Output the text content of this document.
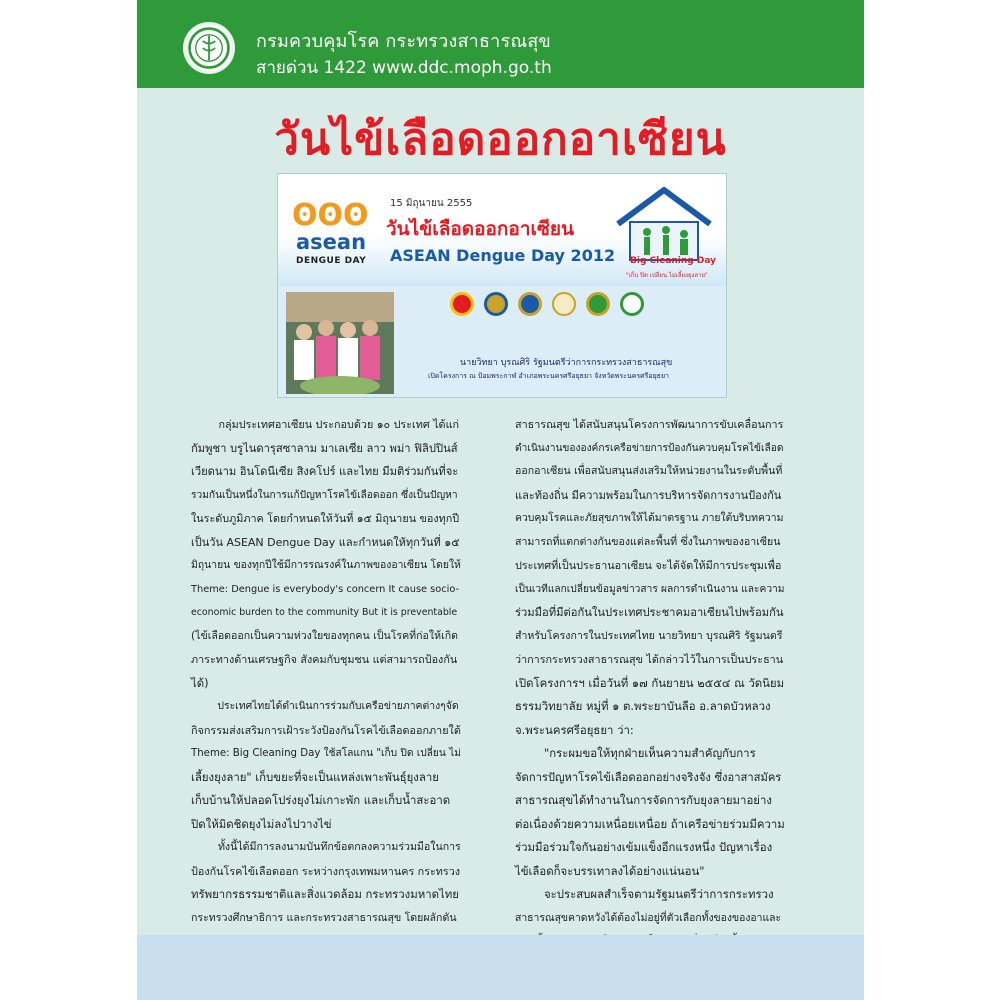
กรมควบคุมโรค กระทรวงสาธารณสุข
สายด่วน 1422 www.ddc.moph.go.th
วันไข้เลือดออกอาเซียน
ʘʘʘ
asean
DENGUE DAY
15 มิถุนายน 2555
วันไข้เลือดออกอาเซียน
ASEAN Dengue Day 2012 Big Cleaning Day
"เก็บ ปิด เปลี่ยน ไม่เลี้ยงยุงลาย"
นายวิทยา บุรณศิริ รัฐมนตรีว่าการกระทรวงสาธารณสุข
เปิดโครงการ ณ ป้อมพระกาฬ อำเภอพระนครศรีอยุธยา จังหวัดพระนครศรีอยุธยา

กลุ่มประเทศอาเซียน ประกอบด้วย ๑๐ ประเทศ ได้แก่

กัมพูชา บรูไนดารุสซาลาม มาเลเซีย ลาว พม่า ฟิลิปปินส์

เวียดนาม อินโดนีเซีย สิงคโปร์ และไทย มีมติร่วมกันที่จะ

รวมกันเป็นหนึ่งในการแก้ปัญหาโรคไข้เลือดออก ซึ่งเป็นปัญหา

ในระดับภูมิภาค โดยกำหนดให้วันที่ ๑๕ มิถุนายน ของทุกปี

เป็นวัน ASEAN Dengue Day และกำหนดให้ทุกวันที่ ๑๕

มิถุนายน ของทุกปีใช้มีการรณรงค์ในภาพของอาเซียน โดยให้

Theme: Dengue is everybody's concern It cause socio-

economic burden to the community But it is preventable

(ไข้เลือดออกเป็นความห่วงใยของทุกคน เป็นโรคที่ก่อให้เกิด

ภาระทางด้านเศรษฐกิจ สังคมกับชุมชน แต่สามารถป้องกัน

ได้)

ประเทศไทยได้ดำเนินการร่วมกับเครือข่ายภาคต่างๆจัด

กิจกรรมส่งเสริมการเฝ้าระวังป้องกันโรคไข้เลือดออกภายใต้

Theme: Big Cleaning Day ใช้สโลแกน "เก็บ ปิด เปลี่ยน ไม่

เลี้ยงยุงลาย" เก็บขยะที่จะเป็นแหล่งเพาะพันธุ์ยุงลาย

เก็บบ้านให้ปลอดโปร่งยุงไม่เกาะพัก และเก็บน้ำสะอาด

ปิดให้มิดชิดยุงไม่ลงไปวางไข่

ทั้งนี้ได้มีการลงนามบันทึกข้อตกลงความร่วมมือในการ

ป้องกันโรคไข้เลือดออก ระหว่างกรุงเทพมหานคร กระทรวง

ทรัพยากรธรรมชาติและสิ่งแวดล้อม กระทรวงมหาดไทย

กระทรวงศึกษาธิการ และกระทรวงสาธารณสุข โดยผลักดัน

สาธารณสุข ได้สนับสนุนโครงการพัฒนาการขับเคลื่อนการ

ดำเนินงานขององค์กรเครือข่ายการป้องกันควบคุมโรคไข้เลือด

ออกอาเซียน เพื่อสนับสนุนส่งเสริมให้หน่วยงานในระดับพื้นที่

และท้องถิ่น มีความพร้อมในการบริหารจัดการงานป้องกัน

ควบคุมโรคและภัยสุขภาพให้ได้มาตรฐาน ภายใต้บริบทความ

สามารถที่แตกต่างกันของแต่ละพื้นที่ ซึ่งในภาพของอาเซียน

ประเทศที่เป็นประธานอาเซียน จะได้จัดให้มีการประชุมเพื่อ

เป็นเวทีแลกเปลี่ยนข้อมูลข่าวสาร ผลการดำเนินงาน และความ

ร่วมมือที่มีต่อกันในประเทศประชาคมอาเซียนไปพร้อมกัน

สำหรับโครงการในประเทศไทย นายวิทยา บุรณศิริ รัฐมนตรี

ว่าการกระทรวงสาธารณสุข ได้กล่าวไว้ในการเป็นประธาน

เปิดโครงการฯ เมื่อวันที่ ๑๗ กันยายน ๒๕๕๔ ณ วัดนิยม

ธรรมวิทยาลัย หมู่ที่ ๑ ต.พระยาบันลือ อ.ลาดบัวหลวง

จ.พระนครศรีอยุธยา ว่า:

"กระผมขอให้ทุกฝ่ายเห็นความสำคัญกับการ

จัดการปัญหาโรคไข้เลือดออกอย่างจริงจัง ซึ่งอาสาสมัคร

สาธารณสุขได้ทำงานในการจัดการกับยุงลายมาอย่าง

ต่อเนื่องด้วยความเหนื่อยเหนื่อย ถ้าเครือข่ายร่วมมีความ

ร่วมมือร่วมใจกันอย่างเข้มแข็งอีกแรงหนึ่ง ปัญหาเรื่อง

ไข้เลือดก็จะบรรเทาลงได้อย่างแน่นอน"

จะประสบผลสำเร็จตามรัฐมนตรีว่าการกระทรวง

สาธารณสุขคาดหวังได้ต้องไม่อยู่ที่ตัวเลือกทั้งของของอาและ
